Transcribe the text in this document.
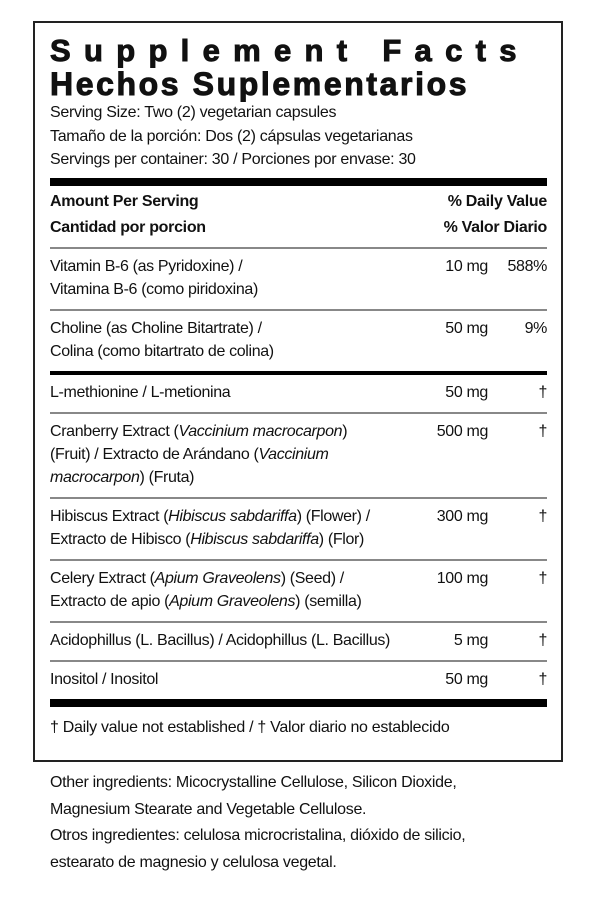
Supplement Facts
Hechos Suplementarios
Serving Size: Two (2) vegetarian capsules
Tamaño de la porción: Dos (2) cápsulas vegetarianas
Servings per container: 30 / Porciones por envase: 30
Amount Per Serving
Cantidad por porcion
% Daily Value
% Valor Diario
Vitamin B-6 (as Pyridoxine) /
Vitamina B-6 (como piridoxina)
10 mg	588%
Choline (as Choline Bitartrate) /
Colina (como bitartrato de colina)
50 mg	9%
L-methionine / L-metionina	50 mg	†
Cranberry Extract (Vaccinium macrocarpon)
(Fruit) / Extracto de Arándano (Vaccinium
macrocarpon) (Fruta)
500 mg	†
Hibiscus Extract (Hibiscus sabdariffa) (Flower) /
Extracto de Hibisco (Hibiscus sabdariffa) (Flor)
300 mg	†
Celery Extract (Apium Graveolens) (Seed) /
Extracto de apio (Apium Graveolens) (semilla)
100 mg	†
Acidophillus (L. Bacillus) / Acidophillus (L. Bacillus)	5 mg	†
Inositol / Inositol	50 mg	†
† Daily value not established / † Valor diario no establecido
Other ingredients: Micocrystalline Cellulose, Silicon Dioxide,
Magnesium Stearate and Vegetable Cellulose.
Otros ingredientes: celulosa microcristalina, dióxido de silicio,
estearato de magnesio y celulosa vegetal.
